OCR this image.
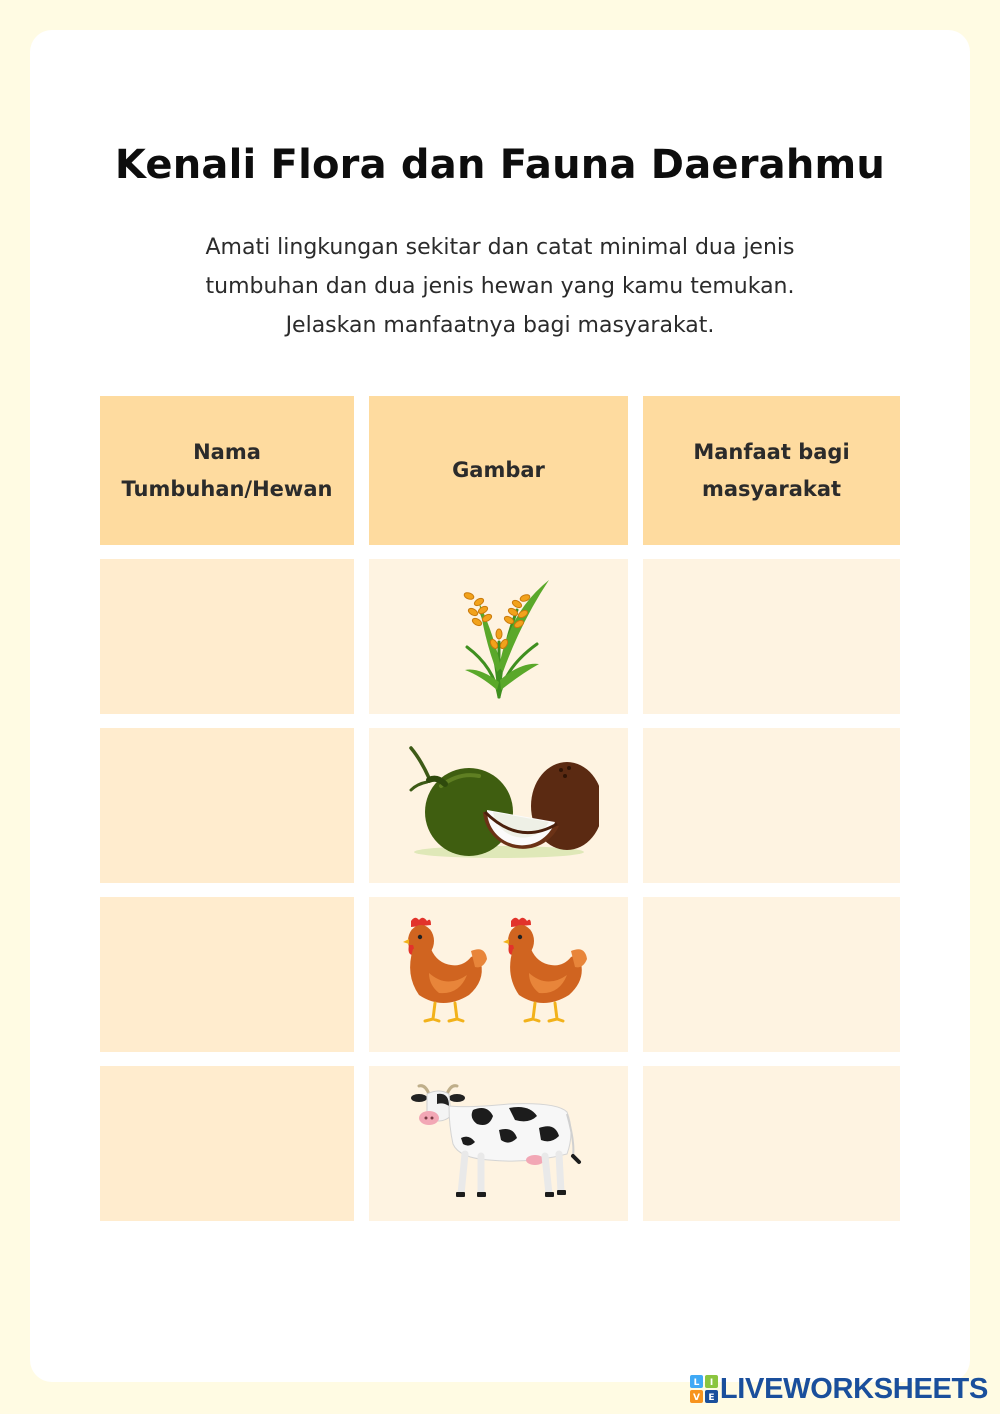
Kenali Flora dan Fauna Daerahmu
Amati lingkungan sekitar dan catat minimal dua jenis
tumbuhan dan dua jenis hewan yang kamu temukan.
Jelaskan manfaatnya bagi masyarakat.
Nama
Tumbuhan/Hewan
Gambar
Manfaat bagi
masyarakat
L I
V E LIVEWORKSHEETS
